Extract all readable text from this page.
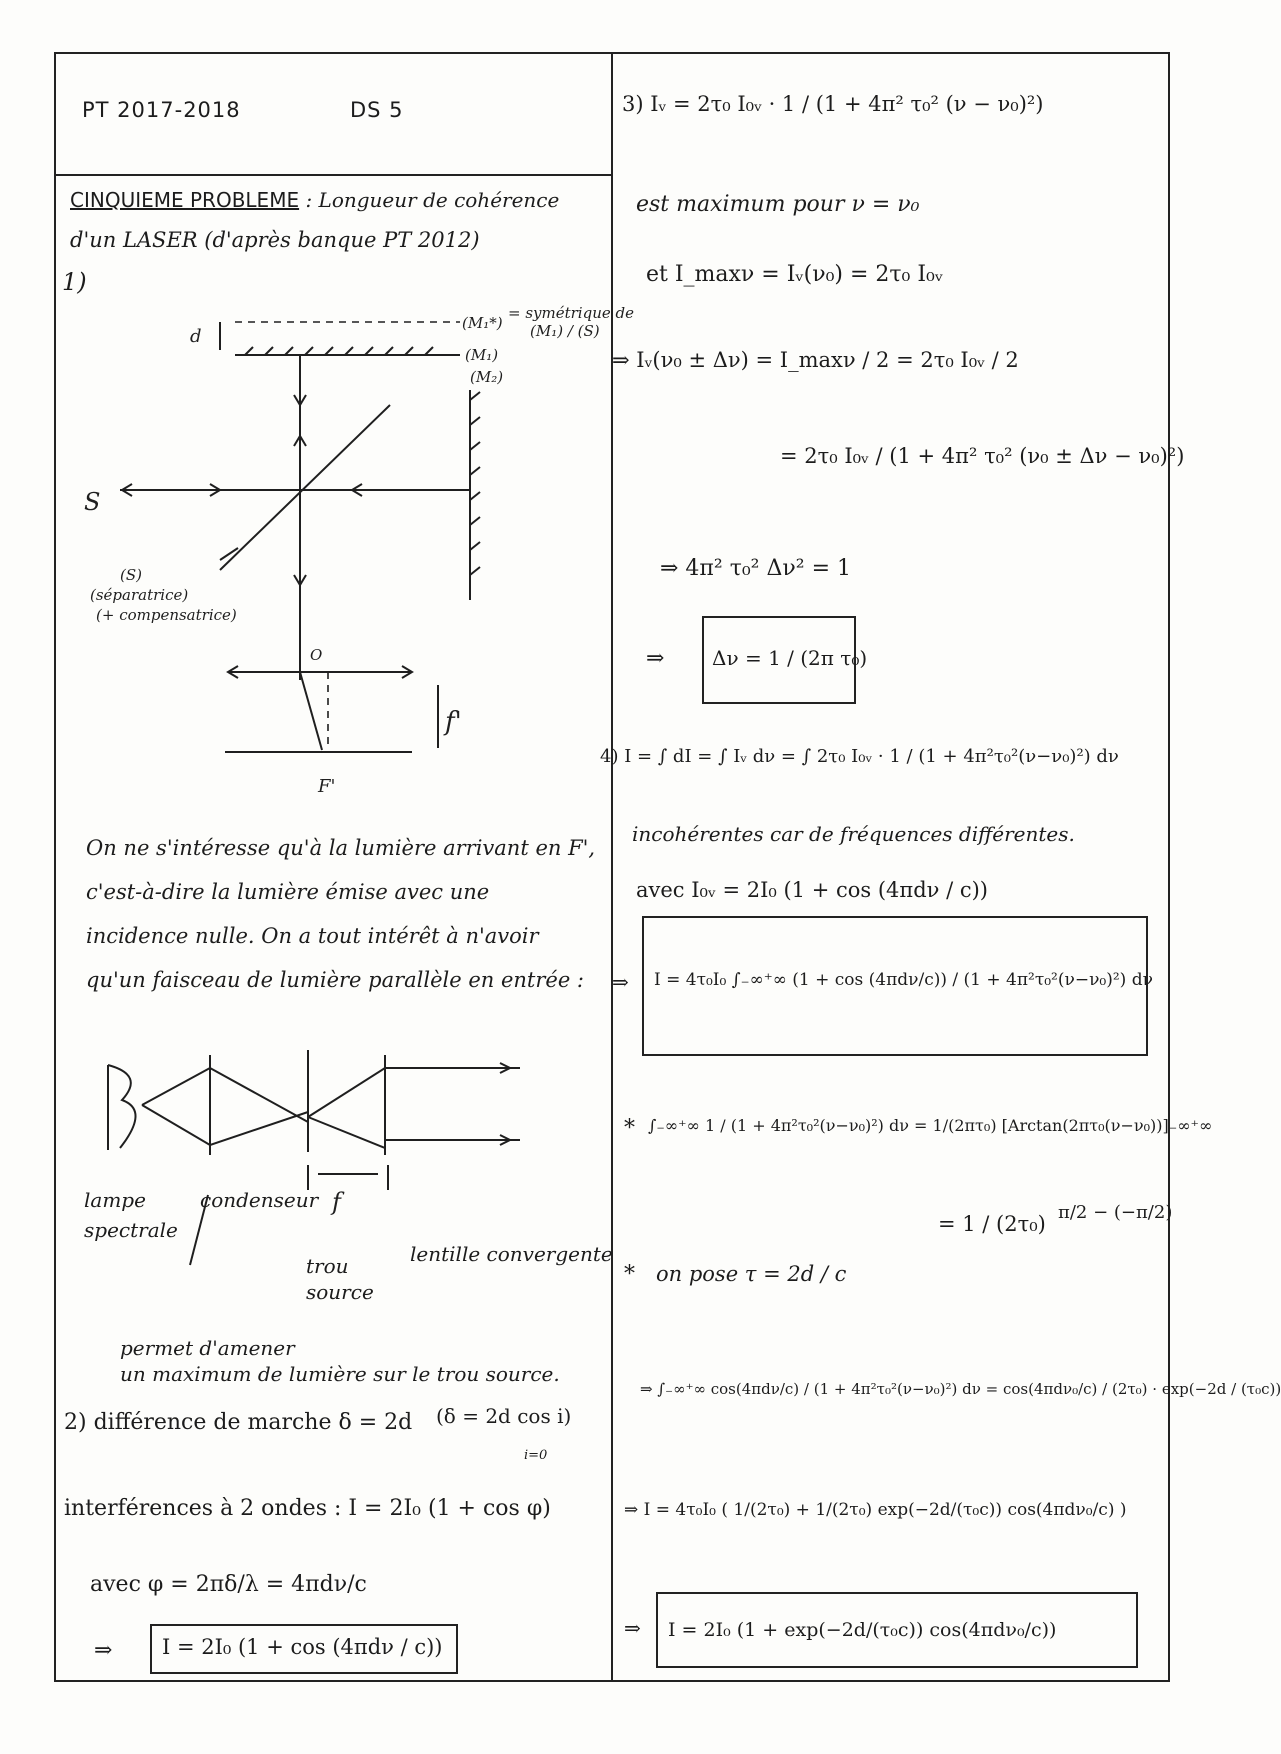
PT 2017-2018	DS 5
CINQUIEME PROBLEME : Longueur de cohérence
d'un LASER (d'après banque PT 2012)
1)
d
(M₁*)
= symétrique de
(M₁) / (S)
(M₁)
(M₂)
S
(S)
(séparatrice)
(+ compensatrice)
O
f'
F'
On ne s'intéresse qu'à la lumière arrivant en F',
c'est-à-dire la lumière émise avec une
incidence nulle. On a tout intérêt à n'avoir
qu'un faisceau de lumière parallèle en entrée :
f
lampe
spectrale
condenseur
trou
source
lentille convergente
permet d'amener
un maximum de lumière sur le trou source.
2) différence de marche δ = 2d (δ = 2d cos i)
i=0
interférences à 2 ondes : I = 2I₀ (1 + cos φ)
avec φ = 2πδ/λ = 4πdν/c
⇒ I = 2I₀ (1 + cos (4πdν / c))
3) Iᵥ = 2τ₀ I₀ᵥ · 1 / (1 + 4π² τ₀² (ν − ν₀)²)
est maximum pour ν = ν₀
et I_maxν = Iᵥ(ν₀) = 2τ₀ I₀ᵥ
⇒ Iᵥ(ν₀ ± Δν) = I_maxν / 2 = 2τ₀ I₀ᵥ / 2
= 2τ₀ I₀ᵥ / (1 + 4π² τ₀² (ν₀ ± Δν − ν₀)²)
⇒ 4π² τ₀² Δν² = 1
⇒ Δν = 1 / (2π τ₀)
4) I = ∫ dI = ∫ Iᵥ dν = ∫ 2τ₀ I₀ᵥ · 1 / (1 + 4π²τ₀²(ν−ν₀)²) dν
incohérentes car de fréquences différentes.
avec I₀ᵥ = 2I₀ (1 + cos (4πdν / c))
⇒ I = 4τ₀I₀ ∫₋∞⁺∞ (1 + cos (4πdν/c)) / (1 + 4π²τ₀²(ν−ν₀)²) dν
* ∫₋∞⁺∞ 1 / (1 + 4π²τ₀²(ν−ν₀)²) dν = 1/(2πτ₀) [Arctan(2πτ₀(ν−ν₀))]₋∞⁺∞
π/2 − (−π/2)
= 1 / (2τ₀)
* on pose τ = 2d / c
⇒ ∫₋∞⁺∞ cos(4πdν/c) / (1 + 4π²τ₀²(ν−ν₀)²) dν = cos(4πdν₀/c) / (2τ₀) · exp(−2d / (τ₀c))
⇒ I = 4τ₀I₀ ( 1/(2τ₀) + 1/(2τ₀) exp(−2d/(τ₀c)) cos(4πdν₀/c) )
⇒ I = 2I₀ (1 + exp(−2d/(τ₀c)) cos(4πdν₀/c))
